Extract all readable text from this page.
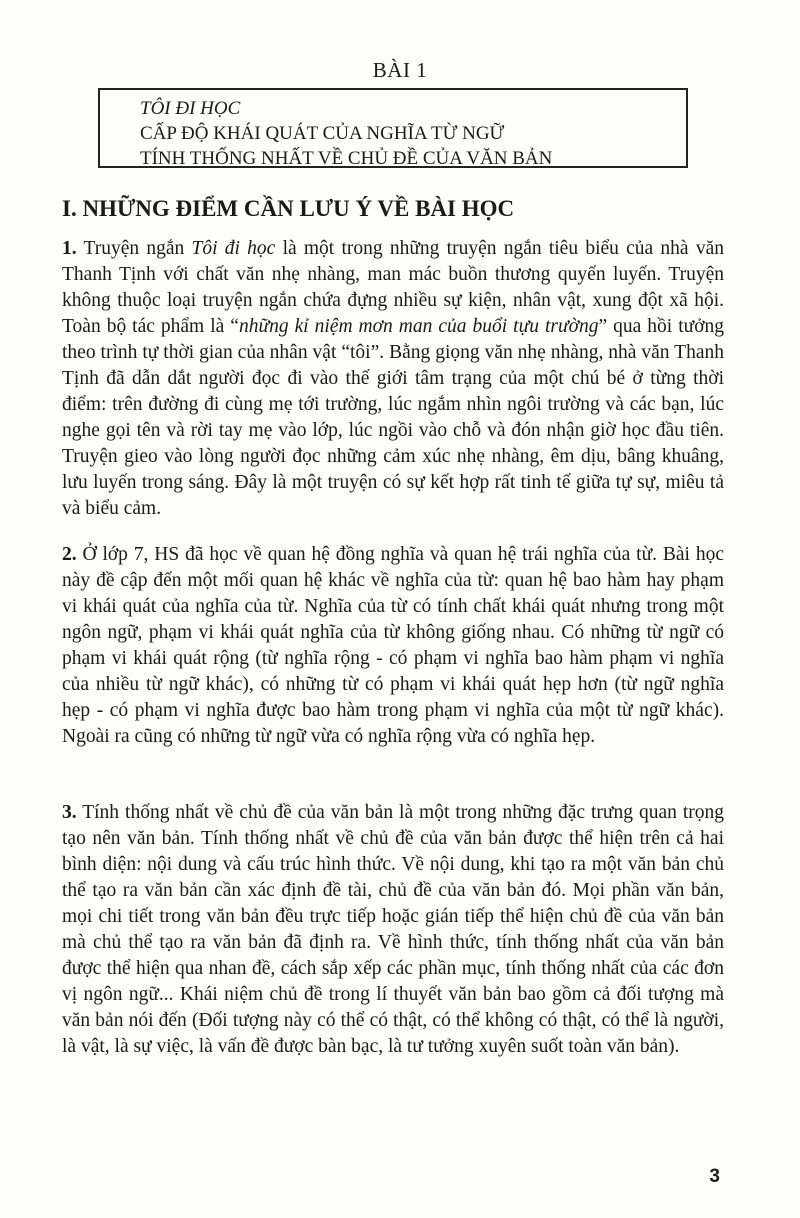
BÀI 1
TÔI ĐI HỌC
CẤP ĐỘ KHÁI QUÁT CỦA NGHĨA TỪ NGỮ
TÍNH THỐNG NHẤT VỀ CHỦ ĐỀ CỦA VĂN BẢN
I. NHỮNG ĐIỂM CẦN LƯU Ý VỀ BÀI HỌC
1. Truyện ngắn Tôi đi học là một trong những truyện ngắn tiêu biểu của nhà văn Thanh Tịnh với chất văn nhẹ nhàng, man mác buồn thương quyến luyến. Truyện không thuộc loại truyện ngắn chứa đựng nhiều sự kiện, nhân vật, xung đột xã hội. Toàn bộ tác phẩm là “những kỉ niệm mơn man của buổi tựu trường” qua hồi tưởng theo trình tự thời gian của nhân vật “tôi”. Bằng giọng văn nhẹ nhàng, nhà văn Thanh Tịnh đã dẫn dắt người đọc đi vào thế giới tâm trạng của một chú bé ở từng thời điểm: trên đường đi cùng mẹ tới trường, lúc ngắm nhìn ngôi trường và các bạn, lúc nghe gọi tên và rời tay mẹ vào lớp, lúc ngồi vào chỗ và đón nhận giờ học đầu tiên. Truyện gieo vào lòng người đọc những cảm xúc nhẹ nhàng, êm dịu, bâng khuâng, lưu luyến trong sáng. Đây là một truyện có sự kết hợp rất tinh tế giữa tự sự, miêu tả và biểu cảm.
2. Ở lớp 7, HS đã học về quan hệ đồng nghĩa và quan hệ trái nghĩa của từ. Bài học này đề cập đến một mối quan hệ khác về nghĩa của từ: quan hệ bao hàm hay phạm vi khái quát của nghĩa của từ. Nghĩa của từ có tính chất khái quát nhưng trong một ngôn ngữ, phạm vi khái quát nghĩa của từ không giống nhau. Có những từ ngữ có phạm vi khái quát rộng (từ nghĩa rộng - có phạm vi nghĩa bao hàm phạm vi nghĩa của nhiều từ ngữ khác), có những từ có phạm vi khái quát hẹp hơn (từ ngữ nghĩa hẹp - có phạm vi nghĩa được bao hàm trong phạm vi nghĩa của một từ ngữ khác). Ngoài ra cũng có những từ ngữ vừa có nghĩa rộng vừa có nghĩa hẹp.
3. Tính thống nhất về chủ đề của văn bản là một trong những đặc trưng quan trọng tạo nên văn bản. Tính thống nhất về chủ đề của văn bản được thể hiện trên cả hai bình diện: nội dung và cấu trúc hình thức. Về nội dung, khi tạo ra một văn bản chủ thể tạo ra văn bản cần xác định đề tài, chủ đề của văn bản đó. Mọi phần văn bản, mọi chi tiết trong văn bản đều trực tiếp hoặc gián tiếp thể hiện chủ đề của văn bản mà chủ thể tạo ra văn bản đã định ra. Về hình thức, tính thống nhất của văn bản được thể hiện qua nhan đề, cách sắp xếp các phần mục, tính thống nhất của các đơn vị ngôn ngữ... Khái niệm chủ đề trong lí thuyết văn bản bao gồm cả đối tượng mà văn bản nói đến (Đối tượng này có thể có thật, có thể không có thật, có thể là người, là vật, là sự việc, là vấn đề được bàn bạc, là tư tưởng xuyên suốt toàn văn bản).
3
